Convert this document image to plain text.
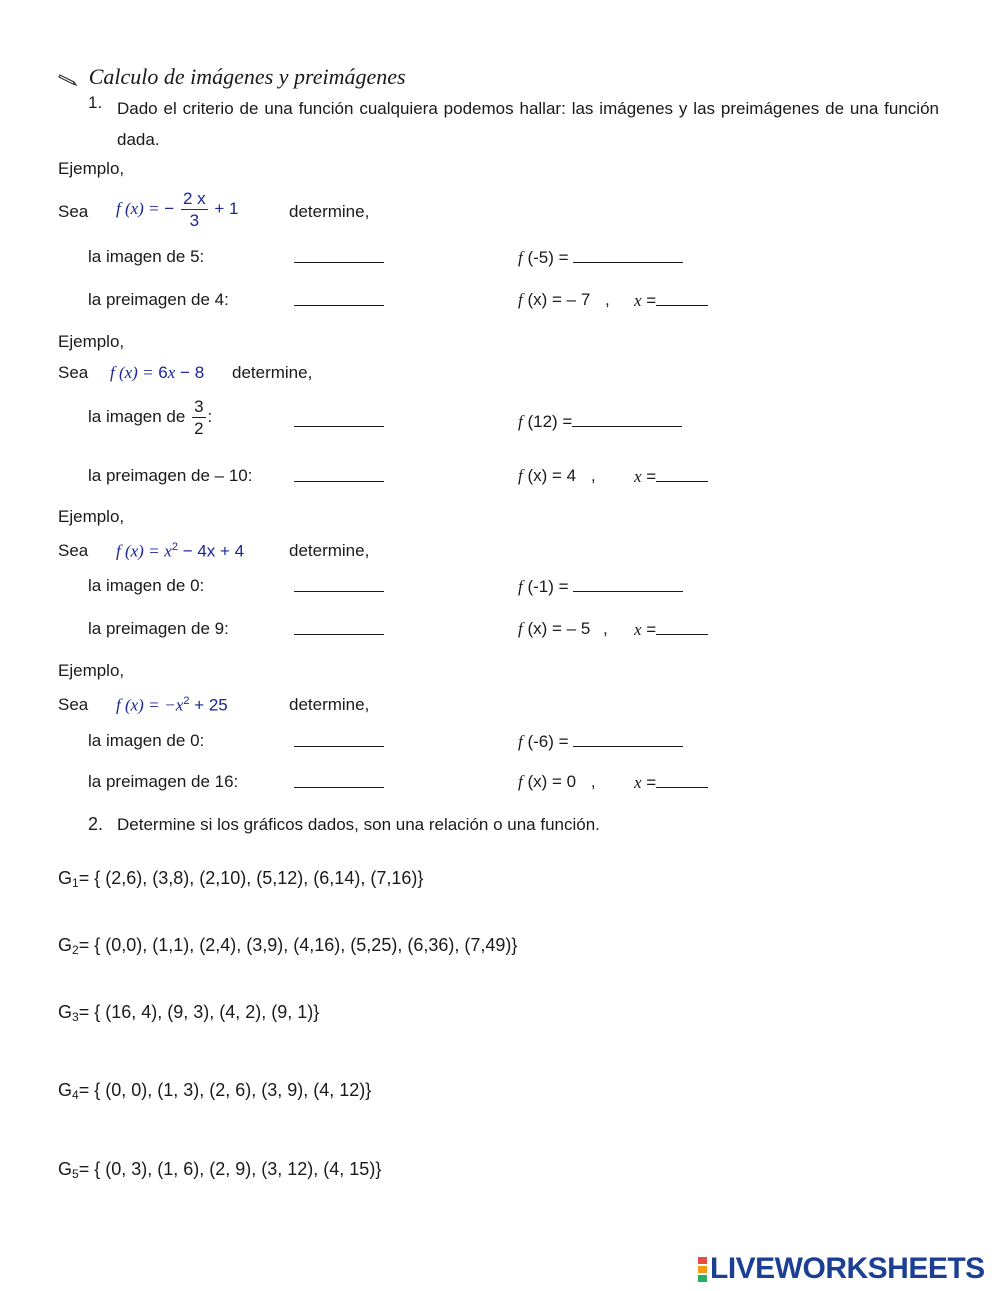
Calculo de imágenes y preimágenes
1. Dado el criterio de una función cualquiera podemos hallar: las imágenes y las preimágenes de una función dada.
Ejemplo,
Sea f (x) = − $\frac{2 x}{3} + 1$	determine,
la imagen de 5:	f (-5) =
la preimagen de 4:	f (x) = – 7 , x =
Ejemplo,
Sea f (x) = 6x − 8 determine,
la imagen de $\frac{3}{2}$ :	f (12) =
la preimagen de – 10:	f (x) = 4 , x =
Ejemplo,
Sea f $(x) = x^2 - 4x + 4$	determine,
la imagen de 0:	f (-1) =
la preimagen de 9:	f (x) = – 5 , x =
Ejemplo,
Sea f $(x) = -x^2 + 25$	determine,
la imagen de 0:	f (-6) =
la preimagen de 16:	f (x) = 0 , x =
2. Determine si los gráficos dados, son una relación o una función.
$G_1=$ { (2,6), (3,8), (2,10), (5,12), (6,14), (7,16)}
$G_2=$ { (0,0), (1,1), (2,4), (3,9), (4,16), (5,25), (6,36), (7,49)}
$G_3=$ { (16, 4), (9, 3), (4, 2), (9, 1)}
$G_4=$ { (0, 0), (1, 3), (2, 6), (3, 9), (4, 12)}
$G_5=$ { (0, 3), (1, 6), (2, 9), (3, 12), (4, 15)}
LIVEWORKSHEETS
